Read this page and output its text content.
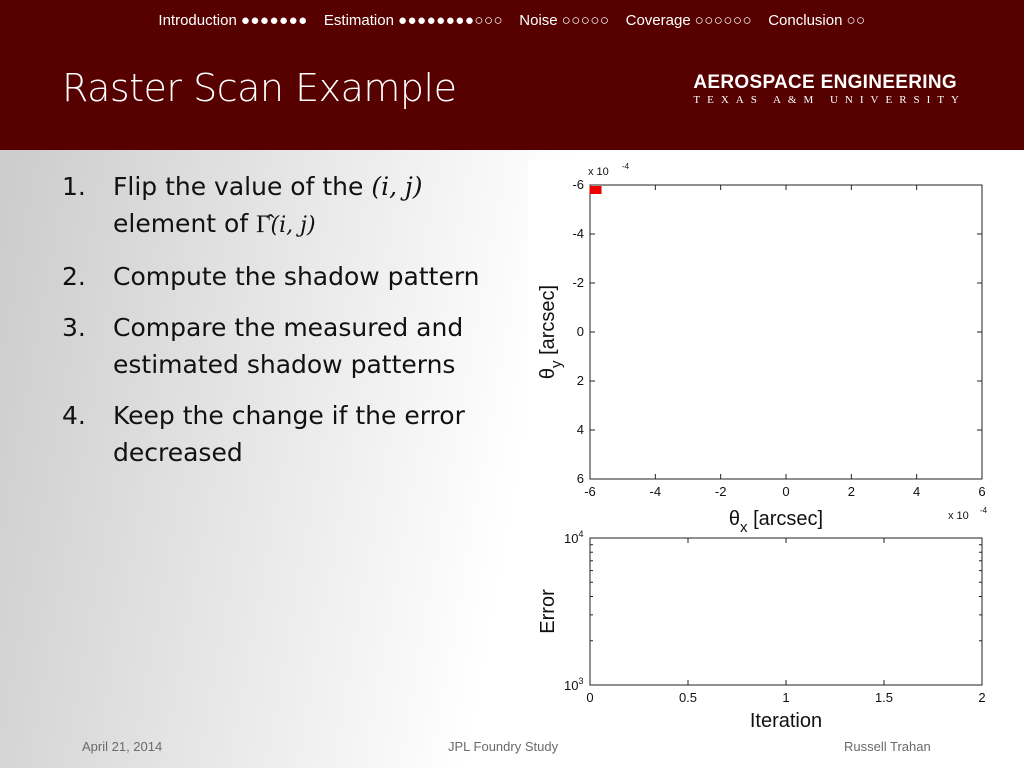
Introduction ●●●●●●● Estimation ●●●●●●●●○○○ Noise ○○○○○ Coverage ○○○○○○ Conclusion ○○
Raster Scan Example	AEROSPACE ENGINEERING
TEXAS A&M UNIVERSITY
1.	Flip the value of the (i, j)
element of Γ̂(i, j)
2.	Compute the shadow pattern
3.	Compare the measured and estimated shadow patterns
4.	Keep the change if the error decreased
-6	-4	-2	0	2	4	6
-6
-4
-2
0
2
4
6
x 10 -4
x 10 -4
$\theta_x$ [arcsec]
$\theta_y$ [arcsec]
0	0.5	1	1.5	2
$10^3$
$10^4$
Iteration
Error
April 21, 2014	JPL Foundry Study	Russell Trahan
